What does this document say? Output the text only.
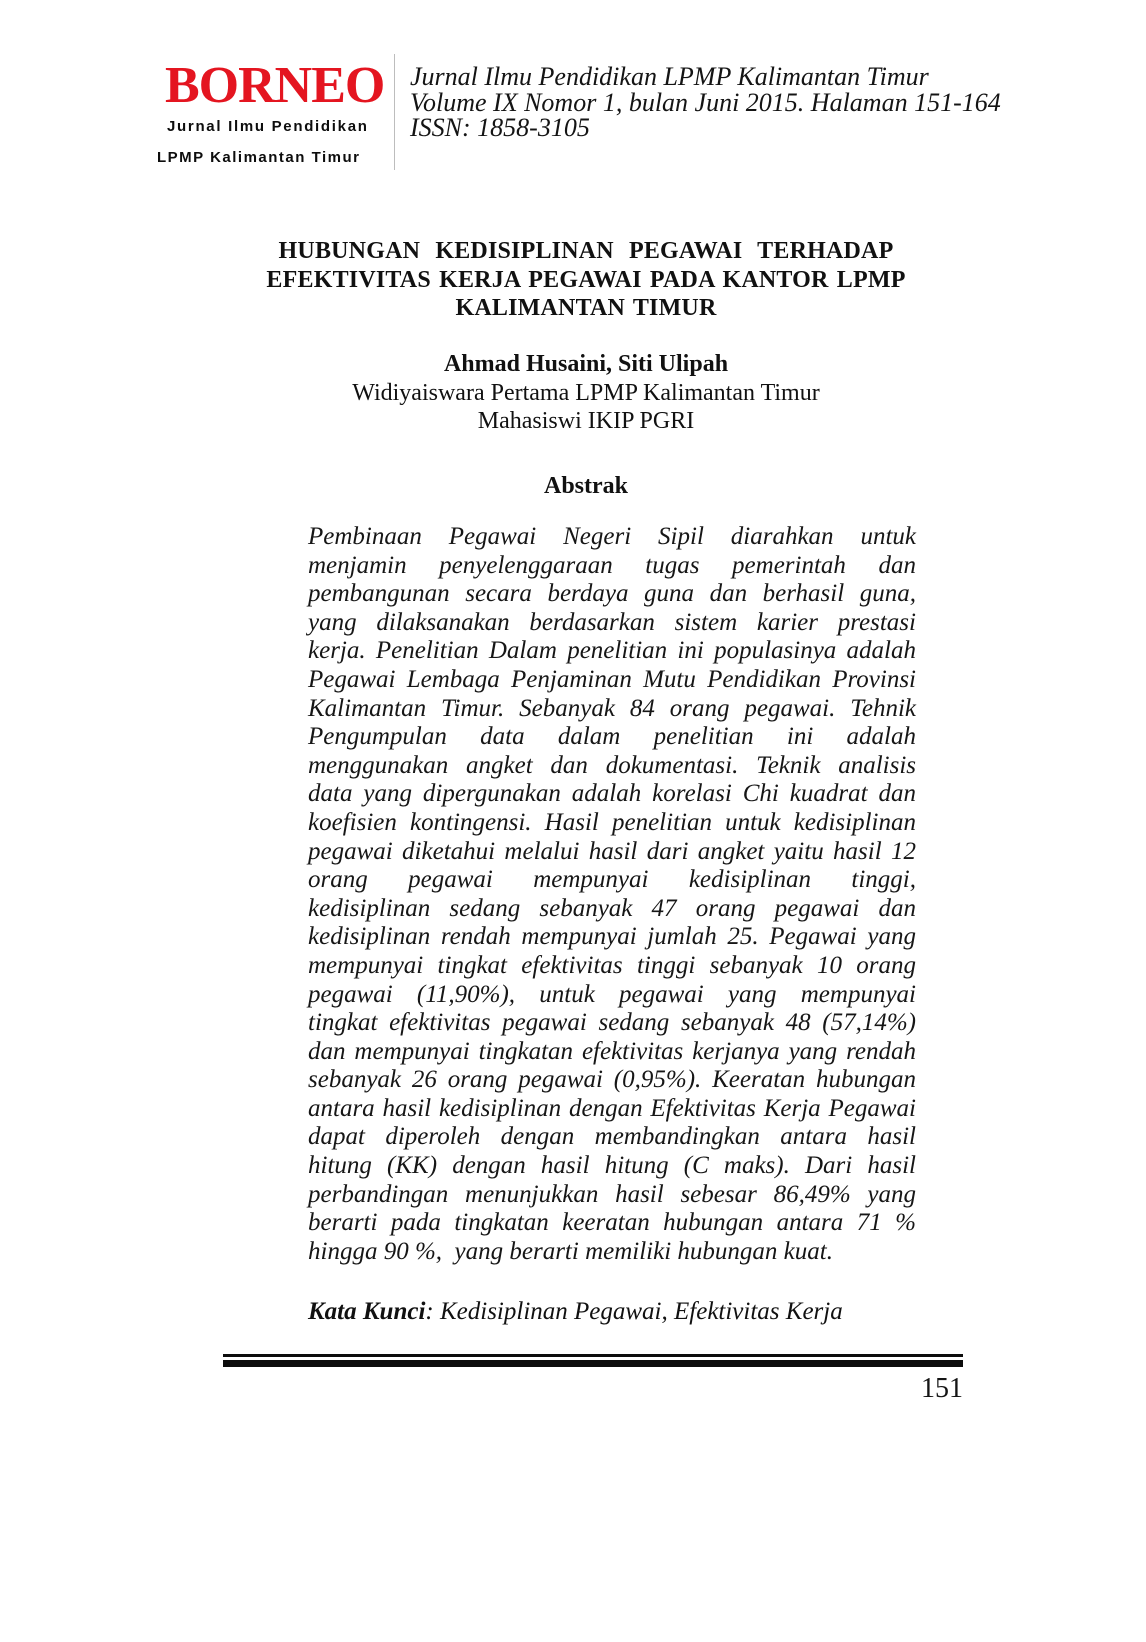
BORNEO
Jurnal Ilmu Pendidikan
LPMP Kalimantan Timur
Jurnal Ilmu Pendidikan LPMP Kalimantan Timur
Volume IX Nomor 1, bulan Juni 2015. Halaman 151-164
ISSN: 1858-3105
HUBUNGAN KEDISIPLINAN PEGAWAI TERHADAP
EFEKTIVITAS KERJA PEGAWAI PADA KANTOR LPMP
KALIMANTAN TIMUR
Ahmad Husaini, Siti Ulipah
Widiyaiswara Pertama LPMP Kalimantan Timur
Mahasiswi IKIP PGRI
Abstrak
Pembinaan Pegawai Negeri Sipil diarahkan untuk
menjamin penyelenggaraan tugas pemerintah dan
pembangunan secara berdaya guna dan berhasil guna,
yang dilaksanakan berdasarkan sistem karier prestasi
kerja. Penelitian Dalam penelitian ini populasinya adalah
Pegawai Lembaga Penjaminan Mutu Pendidikan Provinsi
Kalimantan Timur. Sebanyak 84 orang pegawai. Tehnik
Pengumpulan data dalam penelitian ini adalah
menggunakan angket dan dokumentasi. Teknik analisis
data yang dipergunakan adalah korelasi Chi kuadrat dan
koefisien kontingensi. Hasil penelitian untuk kedisiplinan
pegawai diketahui melalui hasil dari angket yaitu hasil 12
orang pegawai mempunyai kedisiplinan tinggi,
kedisiplinan sedang sebanyak 47 orang pegawai dan
kedisiplinan rendah mempunyai jumlah 25. Pegawai yang
mempunyai tingkat efektivitas tinggi sebanyak 10 orang
pegawai (11,90%), untuk pegawai yang mempunyai
tingkat efektivitas pegawai sedang sebanyak 48 (57,14%)
dan mempunyai tingkatan efektivitas kerjanya yang rendah
sebanyak 26 orang pegawai (0,95%). Keeratan hubungan
antara hasil kedisiplinan dengan Efektivitas Kerja Pegawai
dapat diperoleh dengan membandingkan antara hasil
hitung (KK) dengan hasil hitung (C maks). Dari hasil
perbandingan menunjukkan hasil sebesar 86,49% yang
berarti pada tingkatan keeratan hubungan antara 71 %
hingga 90 %, yang berarti memiliki hubungan kuat.
Kata Kunci: Kedisiplinan Pegawai, Efektivitas Kerja
151
